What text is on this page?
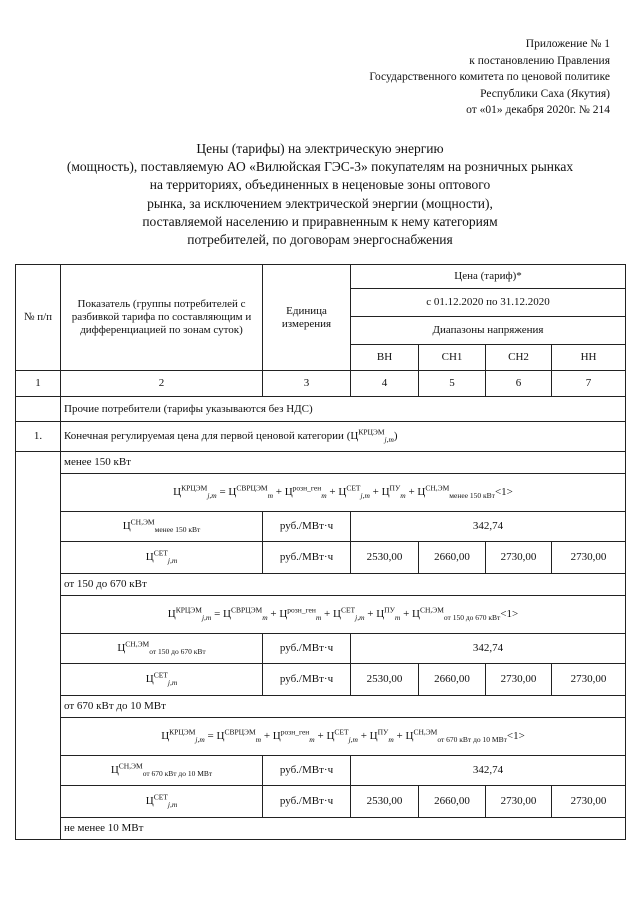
Приложение № 1
к постановлению Правления
Государственного комитета по ценовой политике
Республики Саха (Якутия)
от «01» декабря 2020г. № 214
Цены (тарифы) на электрическую энергию
(мощность), поставляемую АО «Вилюйская ГЭС-3» покупателям на розничных рынках
на территориях, объединенных в неценовые зоны оптового
рынка, за исключением электрической энергии (мощности),
поставляемой населению и приравненным к нему категориям
потребителей, по договорам энергоснабжения
№ п/п	Показатель (группы потребителей с разбивкой тарифа по составляющим и дифференциацией по зонам суток)	Единица измерения	Цена (тариф)*			
			с 01.12.2020 по 31.12.2020			
			Диапазоны напряжения			
			ВН	СН1	СН2	НН
1	2	3	4	5	6	7
	Прочие потребители (тарифы указываются без НДС)					
1.	Конечная регулируемая цена для первой ценовой категории $(Ц^{КРЦЭМ}_{j,m})$					
	менее 150 кВт					
	$Ц^{КРЦЭМ}_{j,m} = Ц^{СВРЦЭМ}_m + Ц^{розн\_ген}_m + Ц^{СЕТ}_{j,m} + Ц^{ПУ}_m + Ц^{СН,ЭМ}_{менее 150 кВт}<1>$					
	$Ц^{СН,ЭМ}_{менее 150 кВт}$	руб./МВт·ч	342,74			
	$Ц^{СЕТ}_{j,m}$	руб./МВт·ч	2530,00	2660,00	2730,00	2730,00
	от 150 до 670 кВт					
	$Ц^{КРЦЭМ}_{j,m} = Ц^{СВРЦЭМ}_m + Ц^{розн\_ген}_m + Ц^{СЕТ}_{j,m} + Ц^{ПУ}_m + Ц^{СН,ЭМ}_{от 150 до 670 кВт}<1>$					
	$Ц^{СН,ЭМ}_{от 150 до 670 кВт}$	руб./МВт·ч	342,74			
	$Ц^{СЕТ}_{j,m}$	руб./МВт·ч	2530,00	2660,00	2730,00	2730,00
	от 670 кВт до 10 МВт					
	$Ц^{КРЦЭМ}_{j,m} = Ц^{СВРЦЭМ}_m + Ц^{розн\_ген}_m + Ц^{СЕТ}_{j,m} + Ц^{ПУ}_m + Ц^{СН,ЭМ}_{от 670 кВт до 10 МВт}<1>$					
	$Ц^{СН,ЭМ}_{от 670 кВт до 10 МВт}$	руб./МВт·ч	342,74			
	$Ц^{СЕТ}_{j,m}$	руб./МВт·ч	2530,00	2660,00	2730,00	2730,00
	не менее 10 МВт					
